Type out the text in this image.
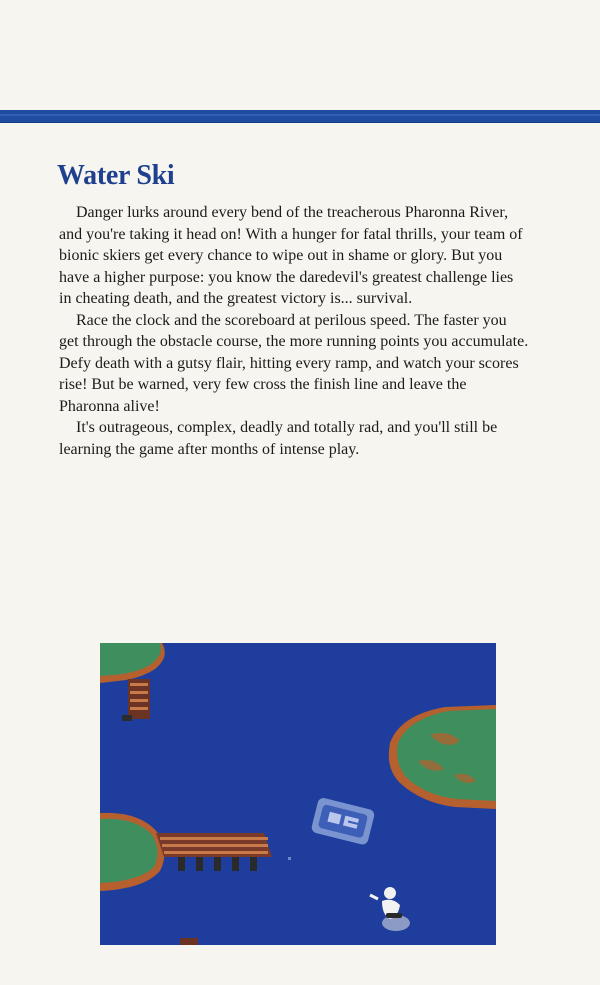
Water Ski

Danger lurks around every bend of the treacherous Pharonna River, and you're taking it head on! With a hunger for fatal thrills, your team of bionic skiers get every chance to wipe out in shame or glory. But you have a higher purpose: you know the daredevil's greatest challenge lies in cheating death, and the greatest victory is... survival.

Race the clock and the scoreboard at perilous speed. The faster you get through the obstacle course, the more running points you accumulate. Defy death with a gutsy flair, hitting every ramp, and watch your scores rise! But be warned, very few cross the finish line and leave the Pharonna alive!

It's outrageous, complex, deadly and totally rad, and you'll still be learning the game after months of intense play.
